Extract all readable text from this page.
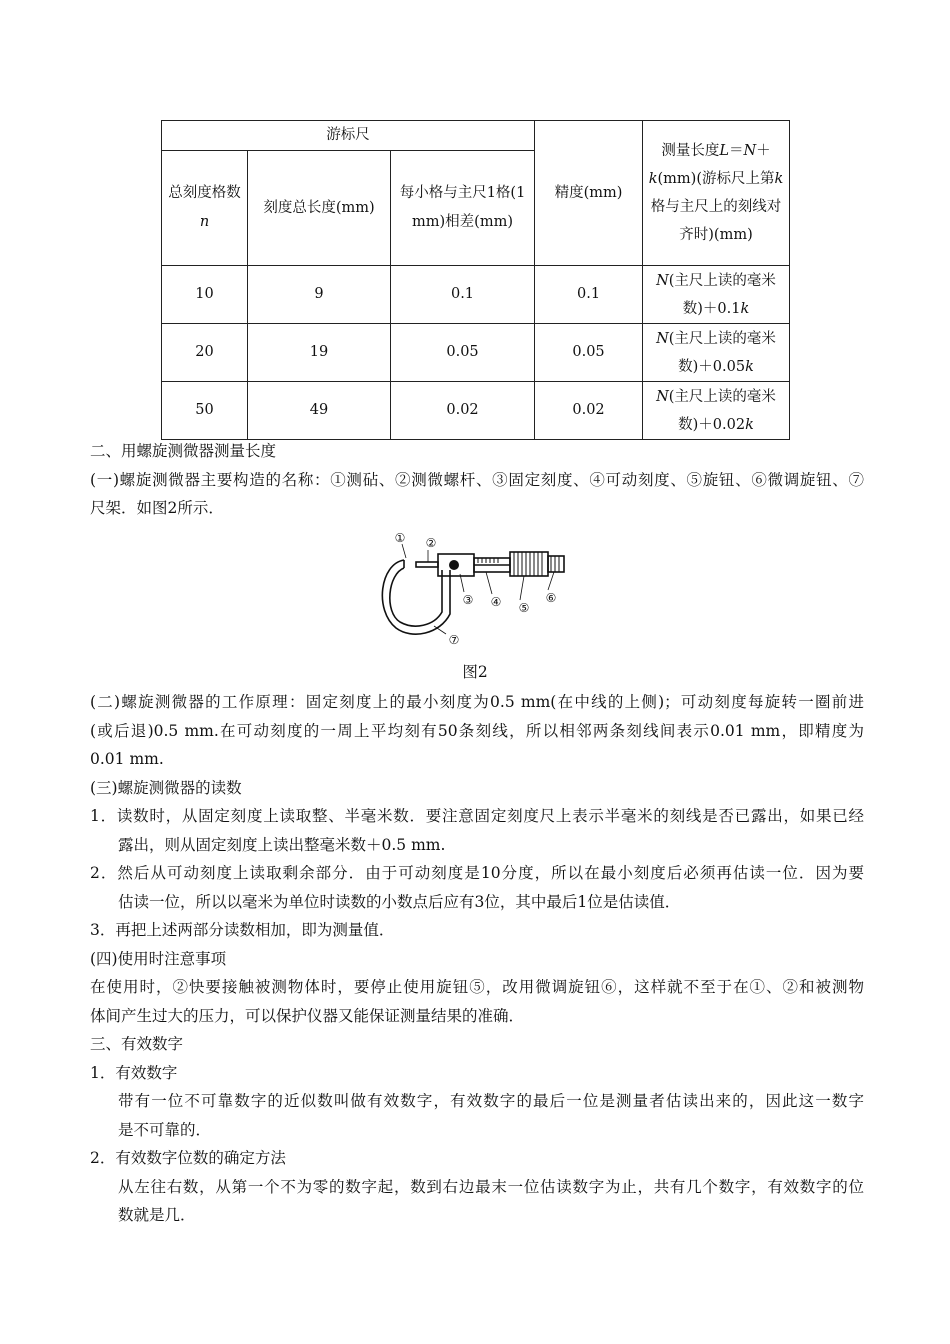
游标尺			精度(mm)	测量长度L＝N＋k(mm)(游标尺上第k格与主尺上的刻线对齐时)(mm)
总刻度格数n	刻度总长度(mm)	每小格与主尺1格(1 mm)相差(mm)		
10	9	0.1	0.1	N(主尺上读的毫米数)＋0.1k
20	19	0.05	0.05	N(主尺上读的毫米数)＋0.05k
50	49	0.02	0.02	N(主尺上读的毫米数)＋0.02k
二、用螺旋测微器测量长度
(一)螺旋测微器主要构造的名称：①测砧、②测微螺杆、③固定刻度、④可动刻度、⑤旋钮、⑥微调旋钮、⑦
尺架．如图2所示．
① ②
③ ④ ⑤
⑥
⑦
图2
(二)螺旋测微器的工作原理：固定刻度上的最小刻度为0.5 mm(在中线的上侧)；可动刻度每旋转一圈前进
(或后退)0.5 mm.在可动刻度的一周上平均刻有50条刻线，所以相邻两条刻线间表示0.01 mm，即精度为
0.01 mm.
(三)螺旋测微器的读数
1．读数时，从固定刻度上读取整、半毫米数．要注意固定刻度尺上表示半毫米的刻线是否已露出，如果已经
露出，则从固定刻度上读出整毫米数＋0.5 mm.
2．然后从可动刻度上读取剩余部分．由于可动刻度是10分度，所以在最小刻度后必须再估读一位．因为要
估读一位，所以以毫米为单位时读数的小数点后应有3位，其中最后1位是估读值．
3．再把上述两部分读数相加，即为测量值．
(四)使用时注意事项
在使用时，②快要接触被测物体时，要停止使用旋钮⑤，改用微调旋钮⑥，这样就不至于在①、②和被测物
体间产生过大的压力，可以保护仪器又能保证测量结果的准确．
三、有效数字
1．有效数字
带有一位不可靠数字的近似数叫做有效数字，有效数字的最后一位是测量者估读出来的，因此这一数字
是不可靠的．
2．有效数字位数的确定方法
从左往右数，从第一个不为零的数字起，数到右边最末一位估读数字为止，共有几个数字，有效数字的位
数就是几．
